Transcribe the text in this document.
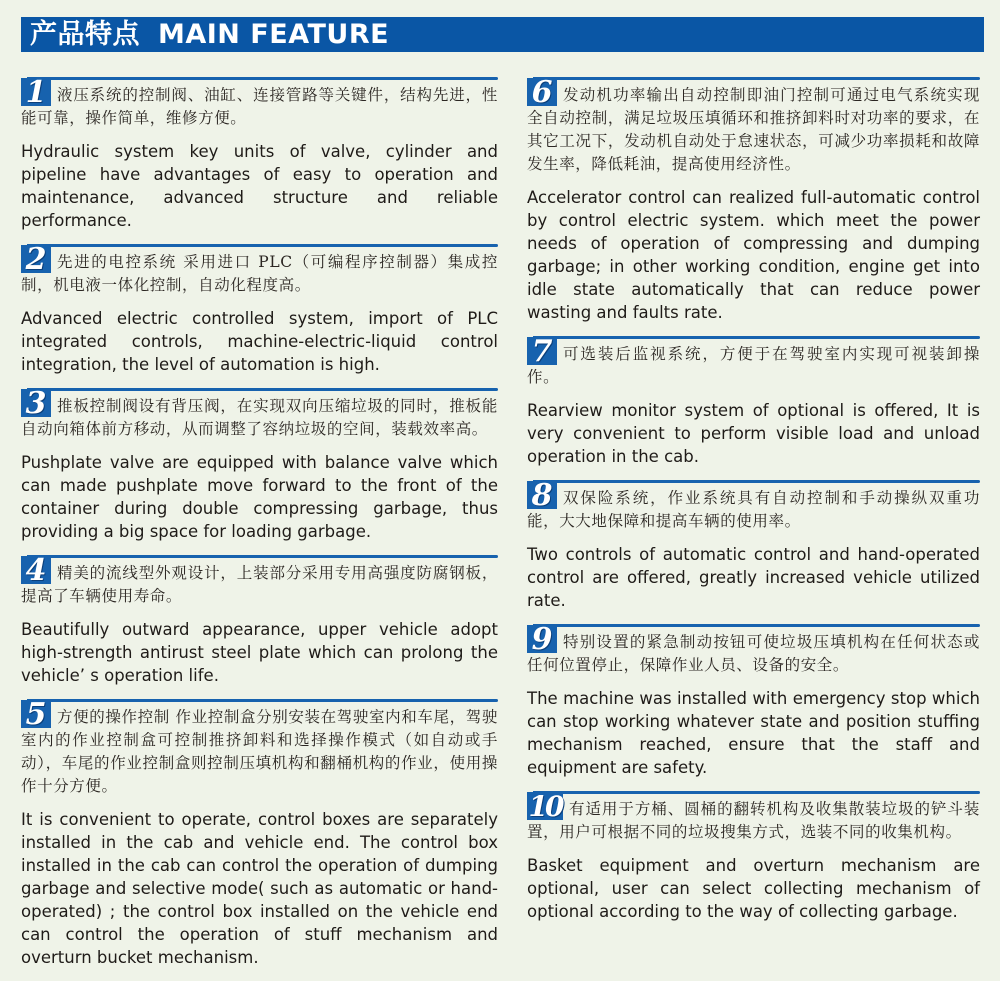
产品特点 MAIN FEATURE
1 液压系统的控制阀、油缸、连接管路等关键件，结构先进，性能可靠，操作简单，维修方便。

Hydraulic system key units of valve, cylinder and pipeline have advantages of easy to operation and maintenance, advanced structure and reliable performance.

2 先进的电控系统 采用进口 PLC（可编程序控制器）集成控制，机电液一体化控制，自动化程度高。

Advanced electric controlled system, import of PLC integrated controls, machine-electric-liquid control integration, the level of automation is high.

3 推板控制阀设有背压阀，在实现双向压缩垃圾的同时，推板能自动向箱体前方移动，从而调整了容纳垃圾的空间，装载效率高。

Pushplate valve are equipped with balance valve which can made pushplate move forward to the front of the container during double compressing garbage, thus providing a big space for loading garbage.

4 精美的流线型外观设计，上装部分采用专用高强度防腐钢板，提高了车辆使用寿命。

Beautifully outward appearance, upper vehicle adopt high-strength antirust steel plate which can prolong the vehicle’ s operation life.

5 方便的操作控制 作业控制盒分别安装在驾驶室内和车尾，驾驶室内的作业控制盒可控制推挤卸料和选择操作模式（如自动或手动），车尾的作业控制盒则控制压填机构和翻桶机构的作业，使用操作十分方便。

It is convenient to operate, control boxes are separately installed in the cab and vehicle end. The control box installed in the cab can control the operation of dumping garbage and selective mode( such as automatic or hand-operated) ; the control box installed on the vehicle end can control the operation of stuff mechanism and overturn bucket mechanism.

6 发动机功率输出自动控制即油门控制可通过电气系统实现全自动控制，满足垃圾压填循环和推挤卸料时对功率的要求，在其它工况下，发动机自动处于怠速状态，可减少功率损耗和故障发生率，降低耗油，提高使用经济性。

Accelerator control can realized full-automatic control by control electric system. which meet the power needs of operation of compressing and dumping garbage; in other working condition, engine get into idle state automatically that can reduce power wasting and faults rate.

7 可选装后监视系统，方便于在驾驶室内实现可视装卸操作。

Rearview monitor system of optional is offered, It is very convenient to perform visible load and unload operation in the cab.

8 双保险系统，作业系统具有自动控制和手动操纵双重功能，大大地保障和提高车辆的使用率。

Two controls of automatic control and hand-operated control are offered, greatly increased vehicle utilized rate.

9 特别设置的紧急制动按钮可使垃圾压填机构在任何状态或任何位置停止，保障作业人员、设备的安全。

The machine was installed with emergency stop which can stop working whatever state and position stuffing mechanism reached, ensure that the staff and equipment are safety.

10 有适用于方桶、圆桶的翻转机构及收集散装垃圾的铲斗装置，用户可根据不同的垃圾搜集方式，选装不同的收集机构。

Basket equipment and overturn mechanism are optional, user can select collecting mechanism of optional according to the way of collecting garbage.
